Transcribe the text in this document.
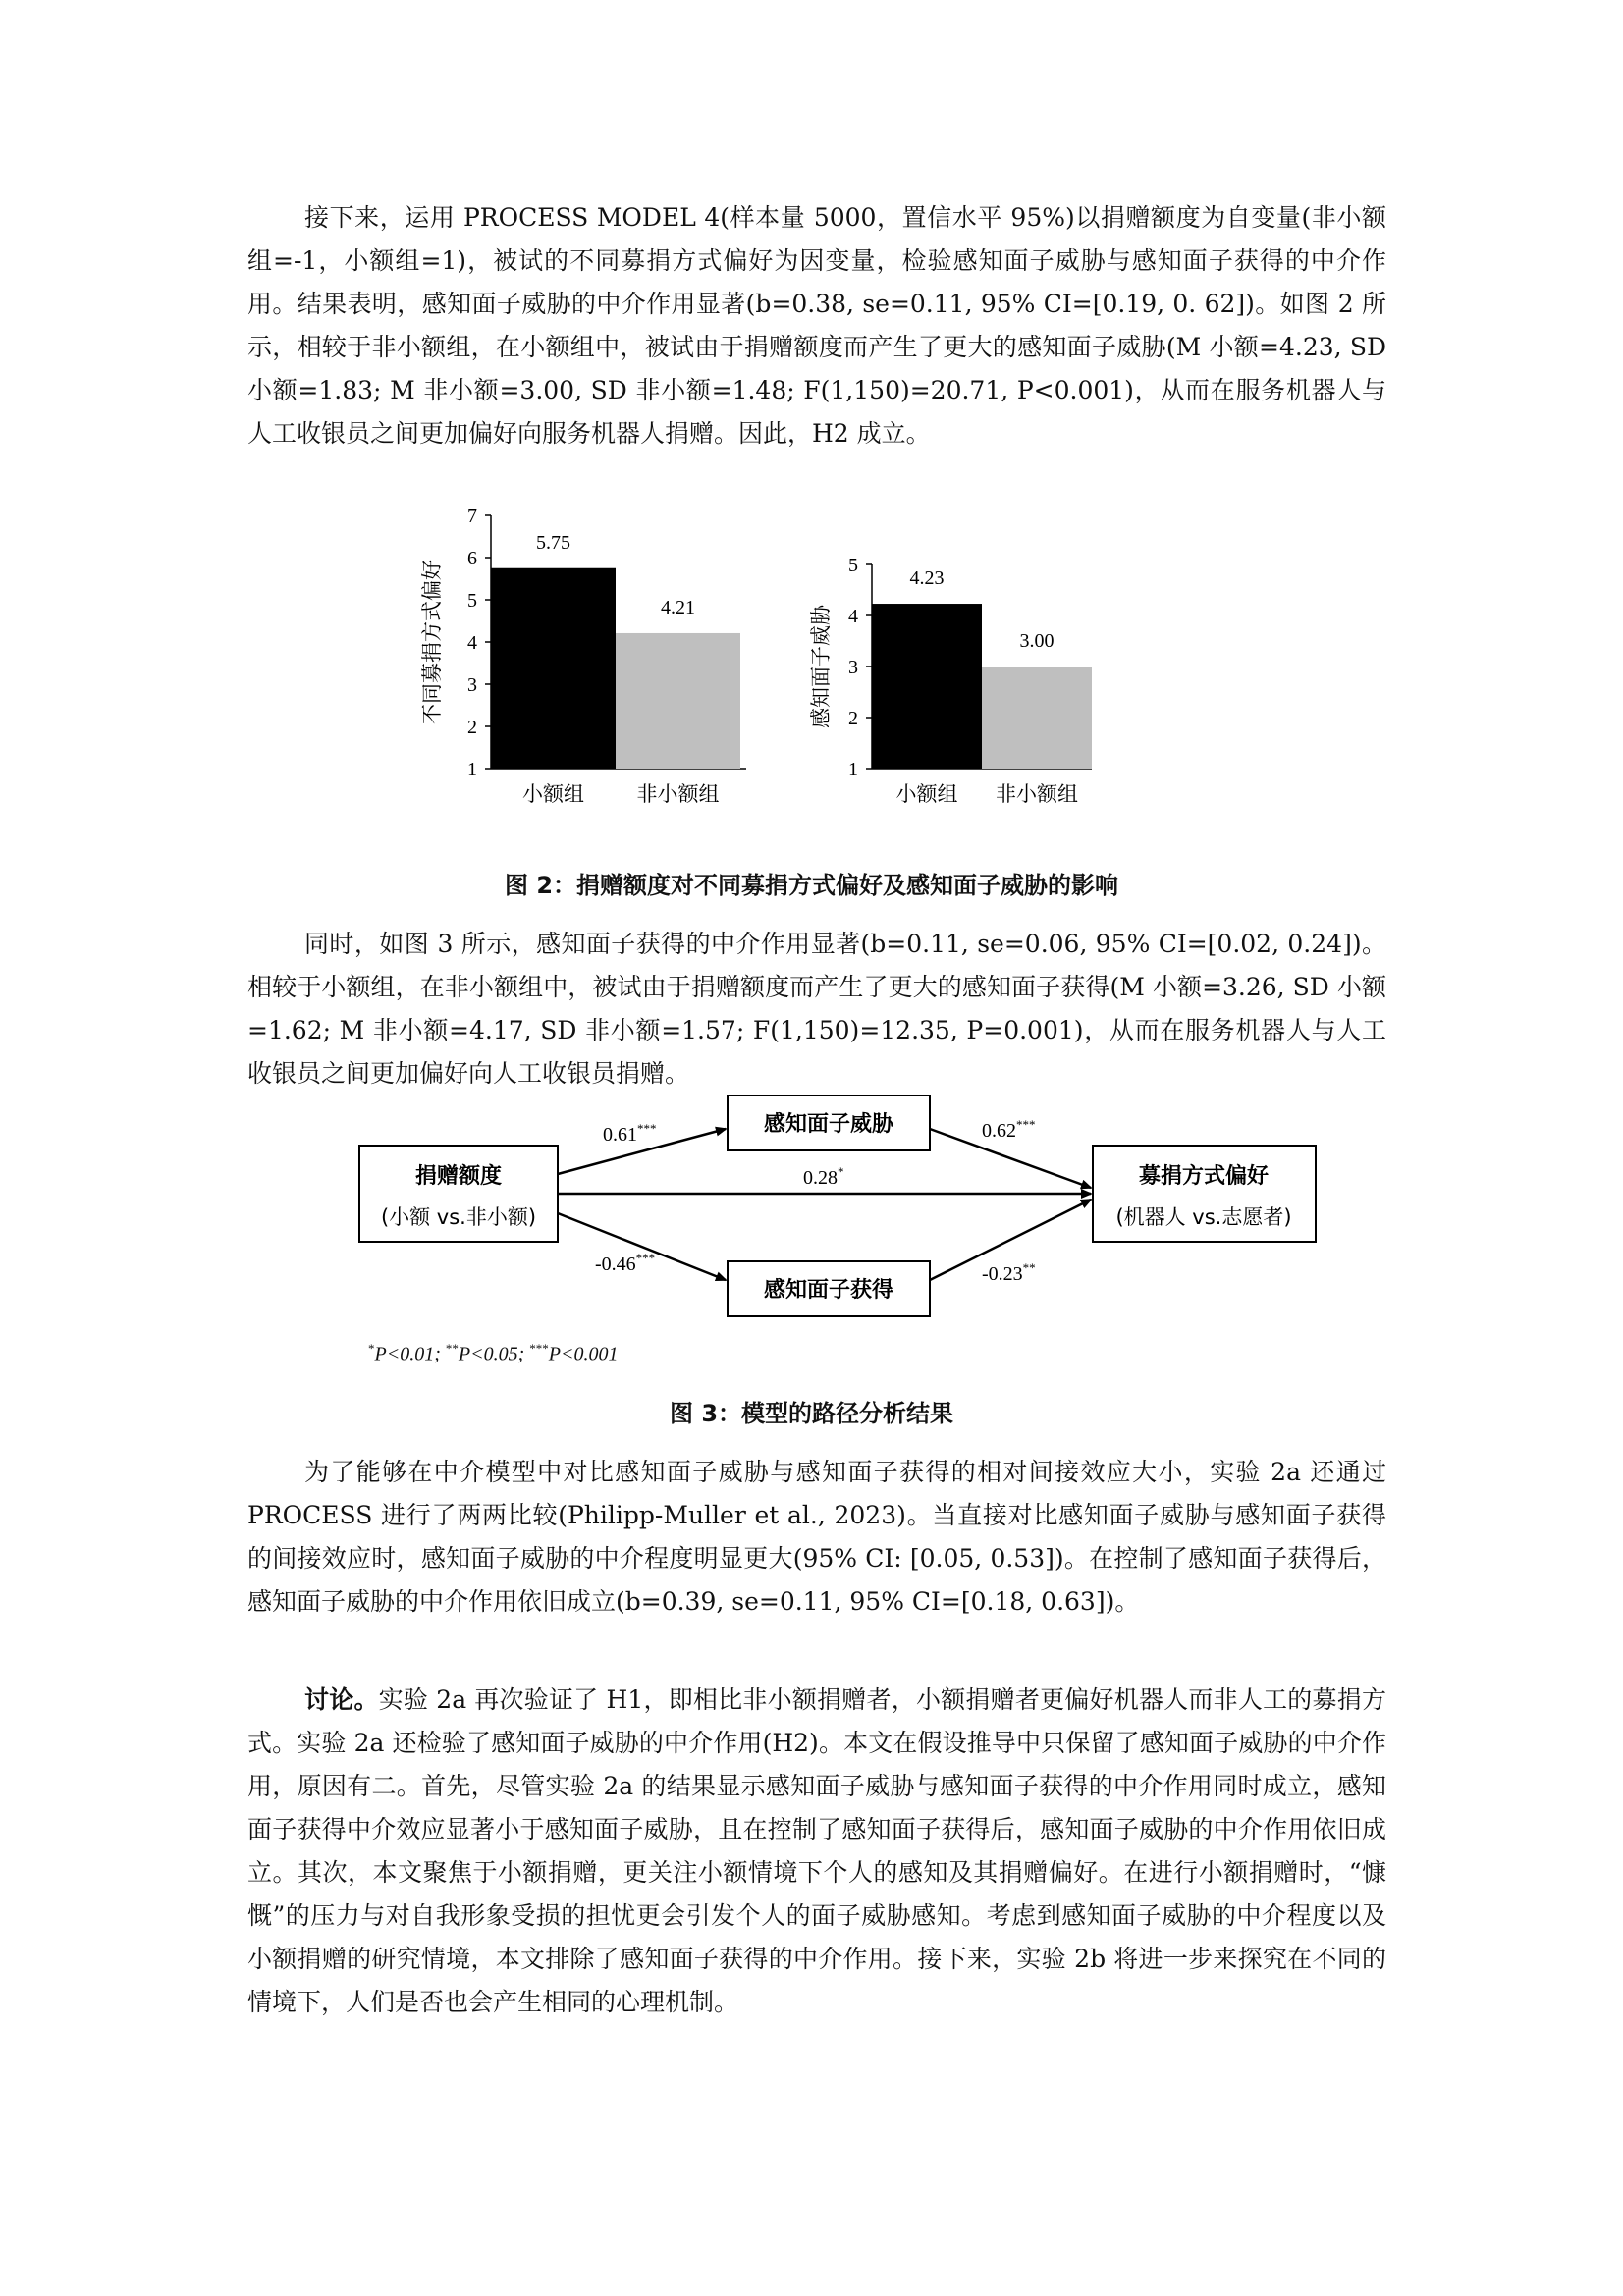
接下来，运用 PROCESS MODEL 4(样本量 5000，置信水平 95%)以捐赠额度为自变量(非小额组=-1，小额组=1)，被试的不同募捐方式偏好为因变量，检验感知面子威胁与感知面子获得的中介作用。结果表明，感知面子威胁的中介作用显著(b=0.38, se=0.11, 95% CI=[0.19, 0. 62])。如图 2 所示，相较于非小额组，在小额组中，被试由于捐赠额度而产生了更大的感知面子威胁(M 小额=4.23, SD 小额=1.83; M 非小额=3.00, SD 非小额=1.48; F(1,150)=20.71, P<0.001)，从而在服务机器人与人工收银员之间更加偏好向服务机器人捐赠。因此，H2 成立。

1
2
3
4
5
6
7
5.75
小额组
4.21
非小额组
不同募捐方式偏好
1
2
3
4
5
4.23
小额组
3.00
非小额组
感知面子威胁
图 2：捐赠额度对不同募捐方式偏好及感知面子威胁的影响

同时，如图 3 所示，感知面子获得的中介作用显著(b=0.11, se=0.06, 95% CI=[0.02, 0.24])。相较于小额组，在非小额组中，被试由于捐赠额度而产生了更大的感知面子获得(M 小额=3.26, SD 小额=1.62; M 非小额=4.17, SD 非小额=1.57; F(1,150)=12.35, P=0.001)，从而在服务机器人与人工收银员之间更加偏好向人工收银员捐赠。

捐赠额度
(小额 vs.非小额)
感知面子威胁
感知面子获得
募捐方式偏好
(机器人 vs.志愿者)
0.61***	0.62***
0.28*
-0.46***
-0.23**
*P<0.01; **P<0.05; ***P<0.001
图 3：模型的路径分析结果

为了能够在中介模型中对比感知面子威胁与感知面子获得的相对间接效应大小，实验 2a 还通过 PROCESS 进行了两两比较(Philipp-Muller et al., 2023)。当直接对比感知面子威胁与感知面子获得的间接效应时，感知面子威胁的中介程度明显更大(95% CI: [0.05, 0.53])。在控制了感知面子获得后，感知面子威胁的中介作用依旧成立(b=0.39, se=0.11, 95% CI=[0.18, 0.63])。

讨论。实验 2a 再次验证了 H1，即相比非小额捐赠者，小额捐赠者更偏好机器人而非人工的募捐方式。实验 2a 还检验了感知面子威胁的中介作用(H2)。本文在假设推导中只保留了感知面子威胁的中介作用，原因有二。首先，尽管实验 2a 的结果显示感知面子威胁与感知面子获得的中介作用同时成立，感知面子获得中介效应显著小于感知面子威胁，且在控制了感知面子获得后，感知面子威胁的中介作用依旧成立。其次，本文聚焦于小额捐赠，更关注小额情境下个人的感知及其捐赠偏好。在进行小额捐赠时，“慷慨”的压力与对自我形象受损的担忧更会引发个人的面子威胁感知。考虑到感知面子威胁的中介程度以及小额捐赠的研究情境，本文排除了感知面子获得的中介作用。接下来，实验 2b 将进一步来探究在不同的情境下，人们是否也会产生相同的心理机制。
